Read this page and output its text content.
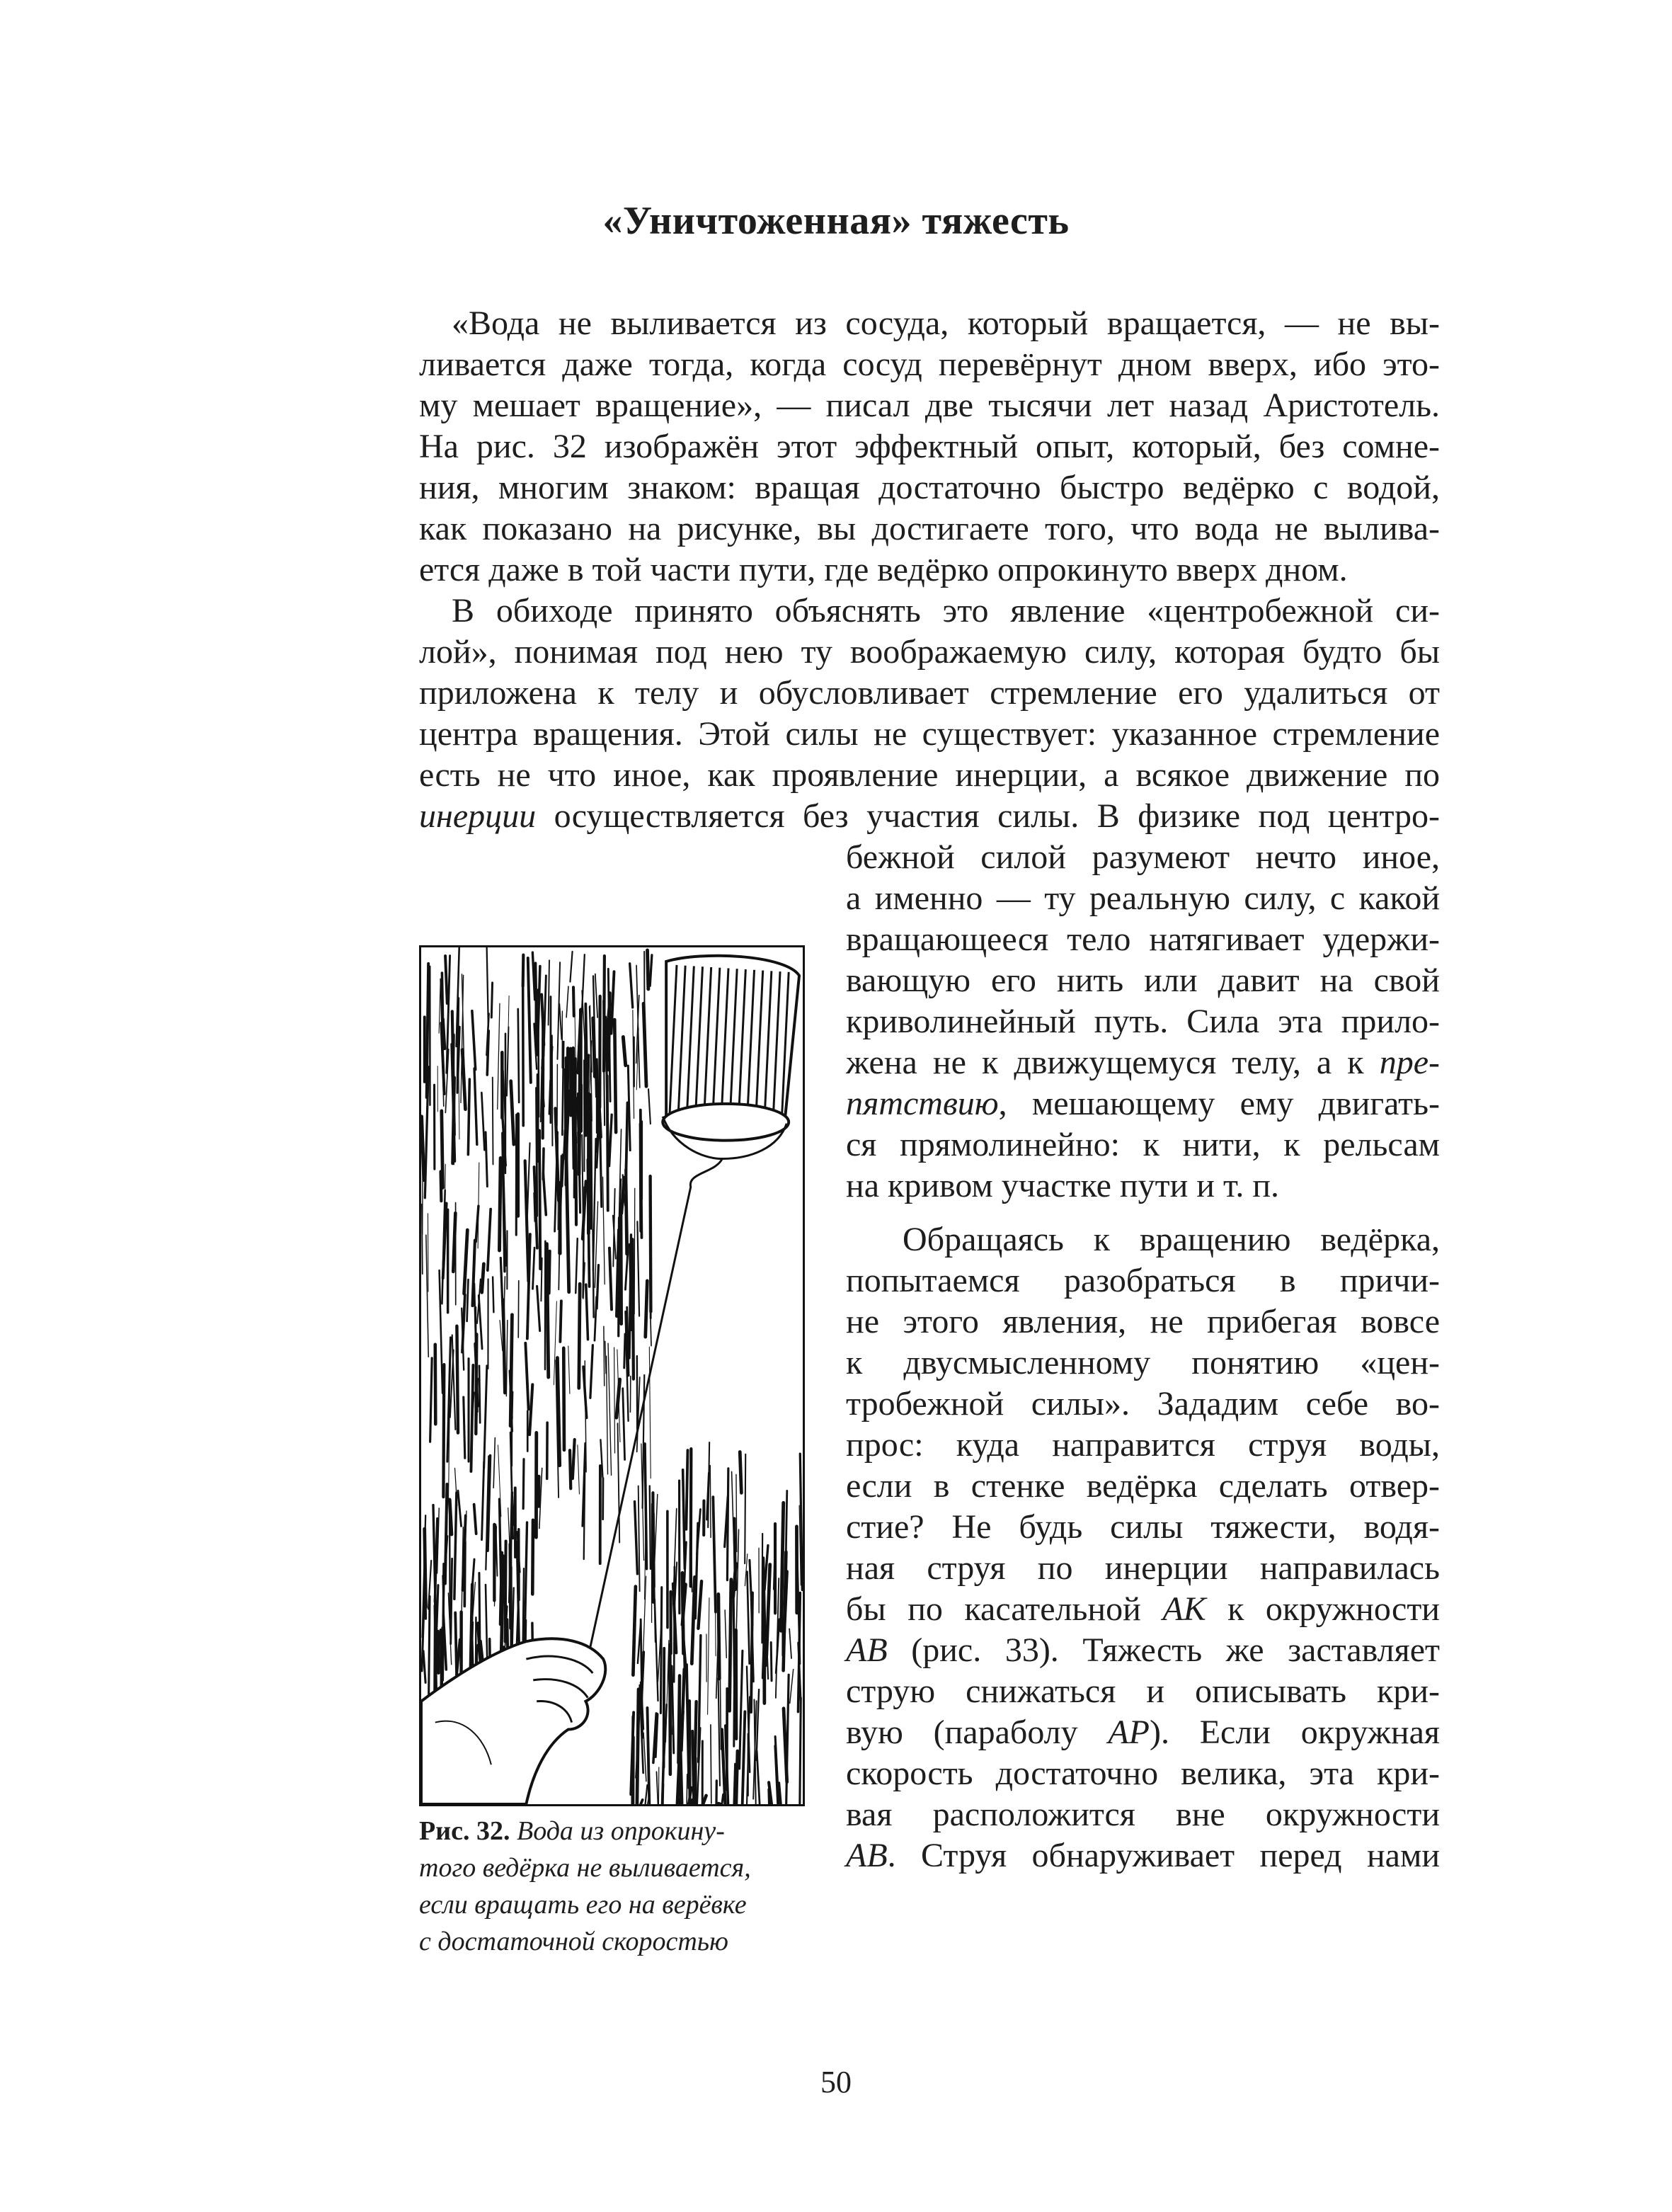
«Уничтоженная» тяжесть

«Вода не выливается из сосуда, который вращается, — не вы-

ливается даже тогда, когда сосуд перевёрнут дном вверх, ибо это-

му мешает вращение», — писал две тысячи лет назад Аристотель.

На рис. 32 изображён этот эффектный опыт, который, без сомне-

ния, многим знаком: вращая достаточно быстро ведёрко с водой,

как показано на рисунке, вы достигаете того, что вода не вылива-

ется даже в той части пути, где ведёрко опрокинуто вверх дном.

В обиходе принято объяснять это явление «центробежной си-

лой», понимая под нею ту воображаемую силу, которая будто бы

приложена к телу и обусловливает стремление его удалиться от

центра вращения. Этой силы не существует: указанное стремление

есть не что иное, как проявление инерции, а всякое движение по

инерции осуществляется без участия силы. В физике под центро-

бежной силой разумеют нечто иное,

а именно — ту реальную силу, с какой

вращающееся тело натягивает удержи-

вающую его нить или давит на свой

криволинейный путь. Сила эта прило-

жена не к движущемуся телу, а к пре-

пятствию, мешающему ему двигать-

ся прямолинейно: к нити, к рельсам

на кривом участке пути и т. п.

Обращаясь к вращению ведёрка,

попытаемся разобраться в причи-

не этого явления, не прибегая вовсе

к двусмысленному понятию «цен-

тробежной силы». Зададим себе во-

прос: куда направится струя воды,

если в стенке ведёрка сделать отвер-

стие? Не будь силы тяжести, водя-

ная струя по инерции направилась

бы по касательной АК к окружности

АВ (рис. 33). Тяжесть же заставляет

струю снижаться и описывать кри-

вую (параболу АР). Если окружная

скорость достаточно велика, эта кри-

вая расположится вне окружности

АВ. Струя обнаруживает перед нами

Рис. 32. Вода из опрокину-

того ведёрка не выливается,

если вращать его на верёвке

с достаточной скоростью

50
